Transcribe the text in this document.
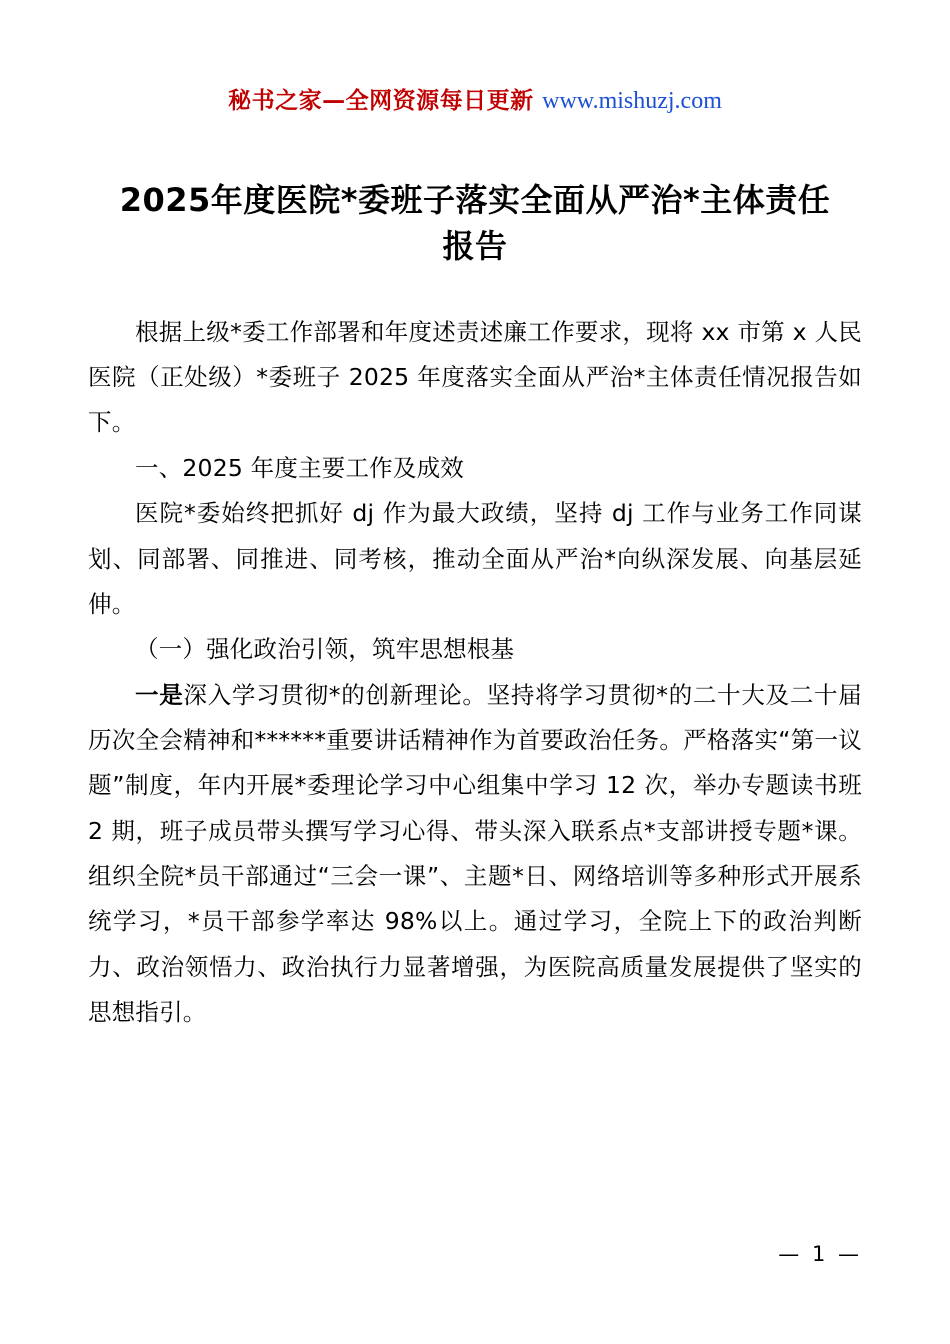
秘书之家—全网资源每日更新 www.mishuzj.com
2025年度医院*委班子落实全面从严治*主体责任报告

根据上级*委工作部署和年度述责述廉工作要求，现将 xx 市第 x 人民医院（正处级）*委班子 2025 年度落实全面从严治*主体责任情况报告如下。

一、2025 年度主要工作及成效

医院*委始终把抓好 dj 作为最大政绩，坚持 dj 工作与业务工作同谋划、同部署、同推进、同考核，推动全面从严治*向纵深发展、向基层延伸。

（一）强化政治引领，筑牢思想根基

一是深入学习贯彻*的创新理论。坚持将学习贯彻*的二十大及二十届历次全会精神和******重要讲话精神作为首要政治任务。严格落实“第一议题”制度，年内开展*委理论学习中心组集中学习 12 次，举办专题读书班 2 期，班子成员带头撰写学习心得、带头深入联系点*支部讲授专题*课。组织全院*员干部通过“三会一课”、主题*日、网络培训等多种形式开展系统学习，*员干部参学率达 98%以上。通过学习，全院上下的政治判断力、政治领悟力、政治执行力显著增强，为医院高质量发展提供了坚实的思想指引。

— 1 —
